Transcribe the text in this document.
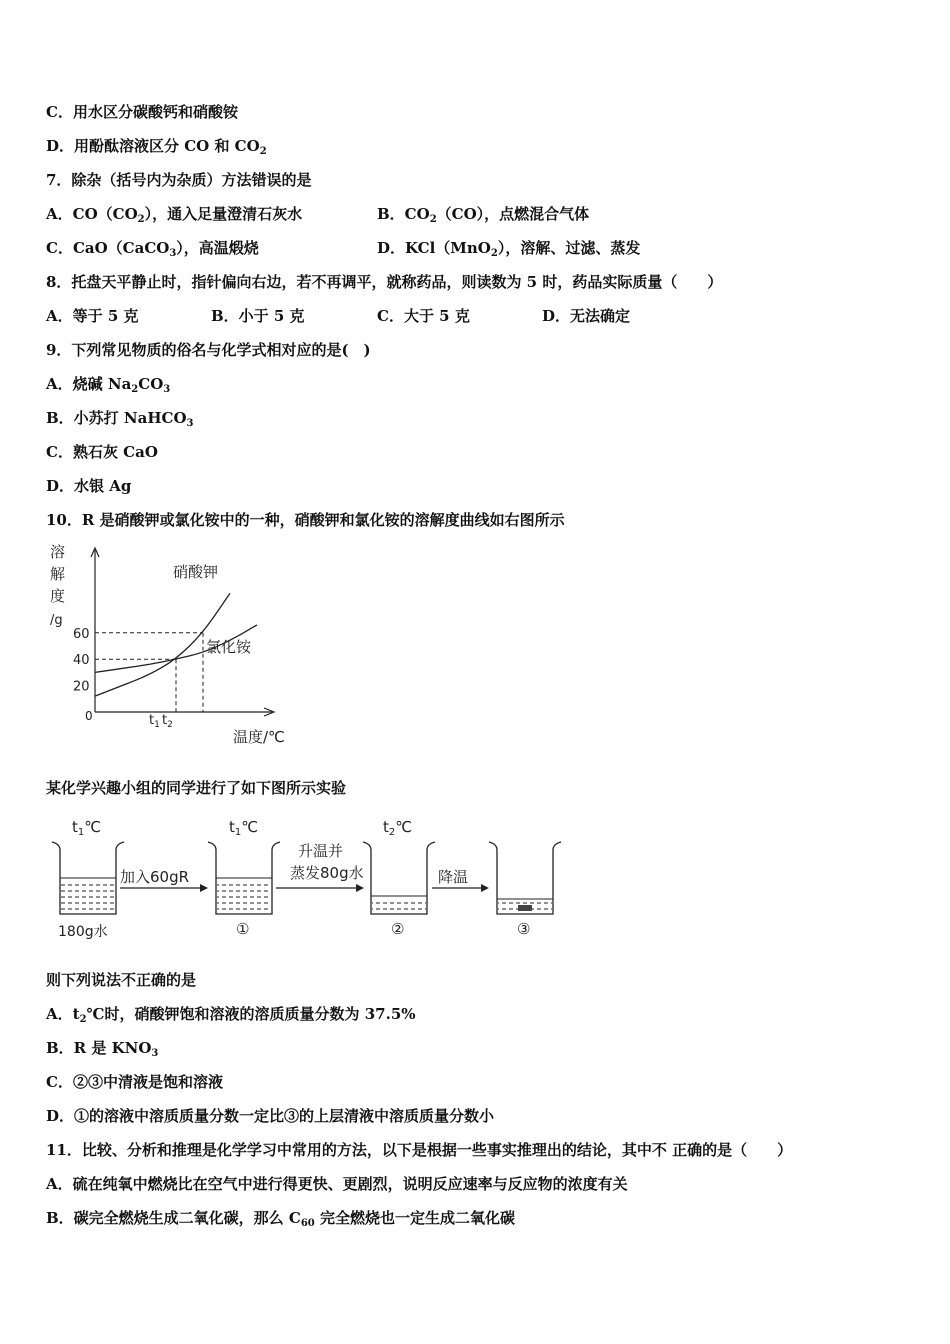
C．用水区分碳酸钙和硝酸铵
D．用酚酞溶液区分 CO 和 $CO_2$
7．除杂（括号内为杂质）方法错误的是
A．$CO(CO_2)$，通入足量澄清石灰水	B．$CO_2(CO)$，点燃混合气体
C．CaO（CaCO$_3$），高温煅烧	D．KCl（MnO$_2$），溶解、过滤、蒸发
8．托盘天平静止时，指针偏向右边，若不再调平，就称药品，则读数为 5 时，药品实际质量（　　）
A．等于 5 克	B．小于 5 克	C．大于 5 克	D．无法确定
9．下列常见物质的俗名与化学式相对应的是(　)
A．烧碱 $Na_2CO_3$
B．小苏打 NaHCO$_3$
C．熟石灰 CaO
D．水银 Ag
10．R 是硝酸钾或氯化铵中的一种，硝酸钾和氯化铵的溶解度曲线如右图所示
溶
解
度
/g
20
40
60
0	$t_1$ $t_2$
温度/℃
硝酸钾
氯化铵
某化学兴趣小组的同学进行了如下图所示实验
$t_1℃$	$t_1℃$	$t_2℃$
加入60gR
升温并
蒸发80g水	降温
180g水	①	②	③
则下列说法不正确的是
A．$t_2℃$时，硝酸钾饱和溶液的溶质质量分数为 37.5%
B．R 是 $KNO_3$
C．②③中清液是饱和溶液
D．①的溶液中溶质质量分数一定比③的上层清液中溶质质量分数小
11．比较、分析和推理是化学学习中常用的方法，以下是根据一些事实推理出的结论，其中不 正确的是（　　）
A．硫在纯氧中燃烧比在空气中进行得更快、更剧烈，说明反应速率与反应物的浓度有关
B．碳完全燃烧生成二氧化碳，那么 $C_{60}$ 完全燃烧也一定生成二氧化碳
